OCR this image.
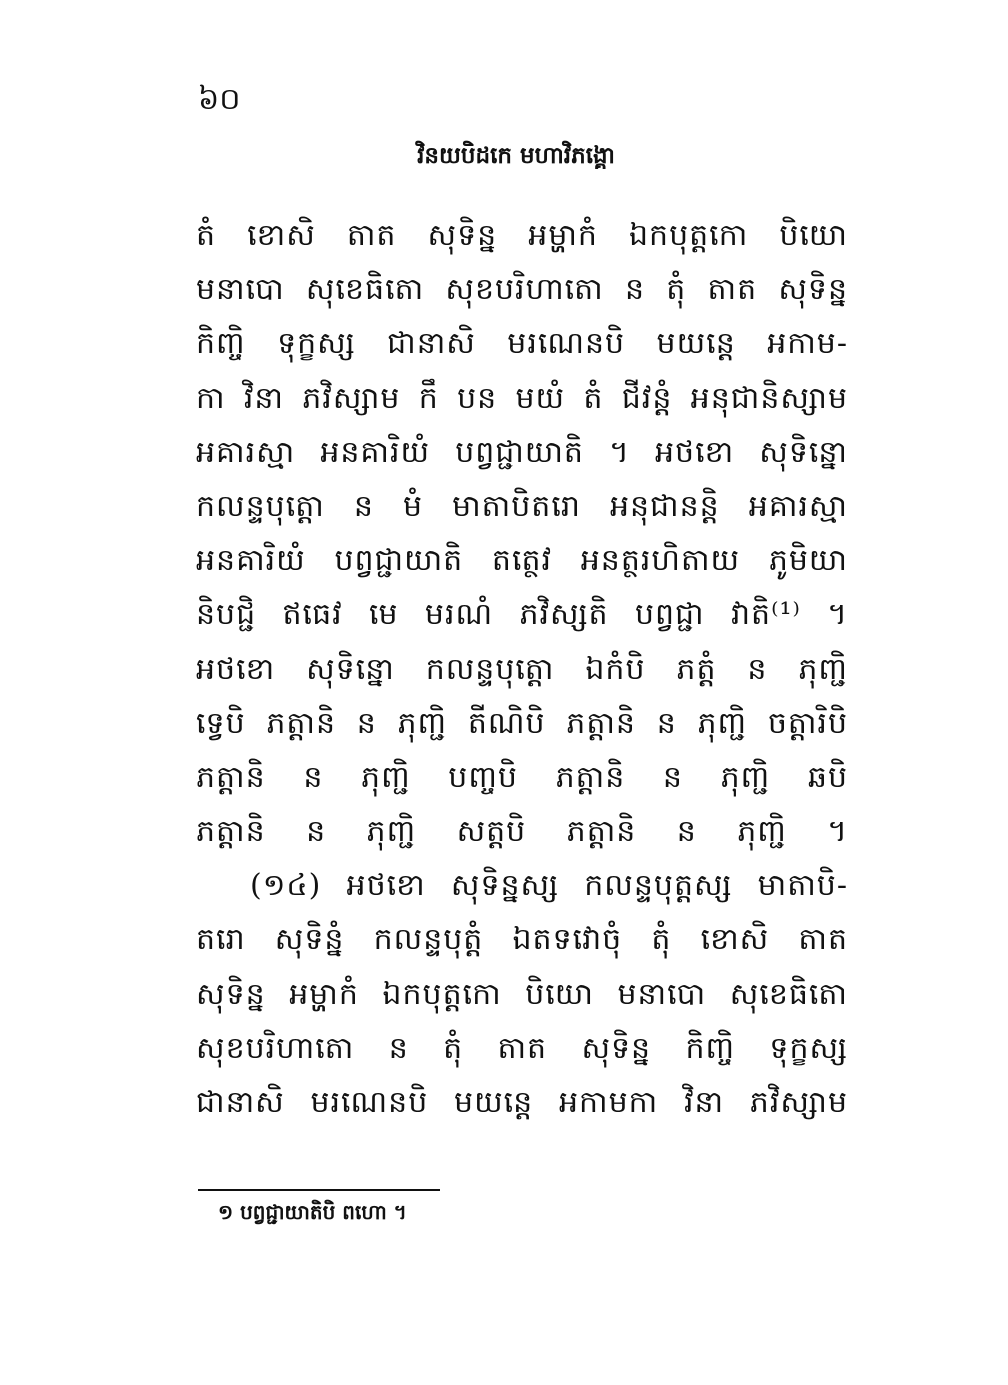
៦០
វិនយបិដកេ មហាវិភង្គោ
តំ ខោសិ តាត សុទិន្ន អម្ហាកំ ឯកបុត្តកោ បិយោ
មនាបោ សុខេធិតោ សុខបរិហាតោ ន តុំ តាត សុទិន្ន
កិញ្ចិ ទុក្ខស្ស ជានាសិ មរណេនបិ មយន្តេ អកាម-
កា វិនា ភវិស្សាម កឹ បន មយំ តំ ជីវន្តំ អនុជានិស្សាម
អគារស្មា អនគារិយំ បព្វជ្ជាយាតិ ។ អថខោ សុទិន្នោ
កលន្ទបុត្តោ ន មំ មាតាបិតរោ អនុជានន្តិ អគារស្មា
អនគារិយំ បព្វជ្ជាយាតិ តត្ថេវ អនត្ថរហិតាយ ភូមិយា
និបជ្ជិ ឥធេវ មេ មរណំ ភវិស្សតិ បព្វជ្ជា វាតិ⁽¹⁾ ។
អថខោ សុទិន្នោ កលន្ទបុត្តោ ឯកំបិ ភត្តំ ន ភុញ្ជិ
ទ្វេបិ ភត្តានិ ន ភុញ្ជិ តីណិបិ ភត្តានិ ន ភុញ្ជិ ចត្តារិបិ
ភត្តានិ ន ភុញ្ជិ បញ្ចបិ ភត្តានិ ន ភុញ្ជិ ឆបិ
ភត្តានិ ន ភុញ្ជិ សត្តបិ ភត្តានិ ន ភុញ្ជិ ។
(១៤) អថខោ សុទិន្នស្ស កលន្ទបុត្តស្ស មាតាបិ-
តរោ សុទិន្នំ កលន្ទបុត្តំ ឯតទវោចុំ តុំ ខោសិ តាត
សុទិន្ន អម្ហាកំ ឯកបុត្តកោ បិយោ មនាបោ សុខេធិតោ
សុខបរិហាតោ ន តុំ តាត សុទិន្ន កិញ្ចិ ទុក្ខស្ស
ជានាសិ មរណេនបិ មយន្តេ អកាមកា វិនា ភវិស្សាម
១ បព្វជ្ជាយាតិបិ ពហោ ។
